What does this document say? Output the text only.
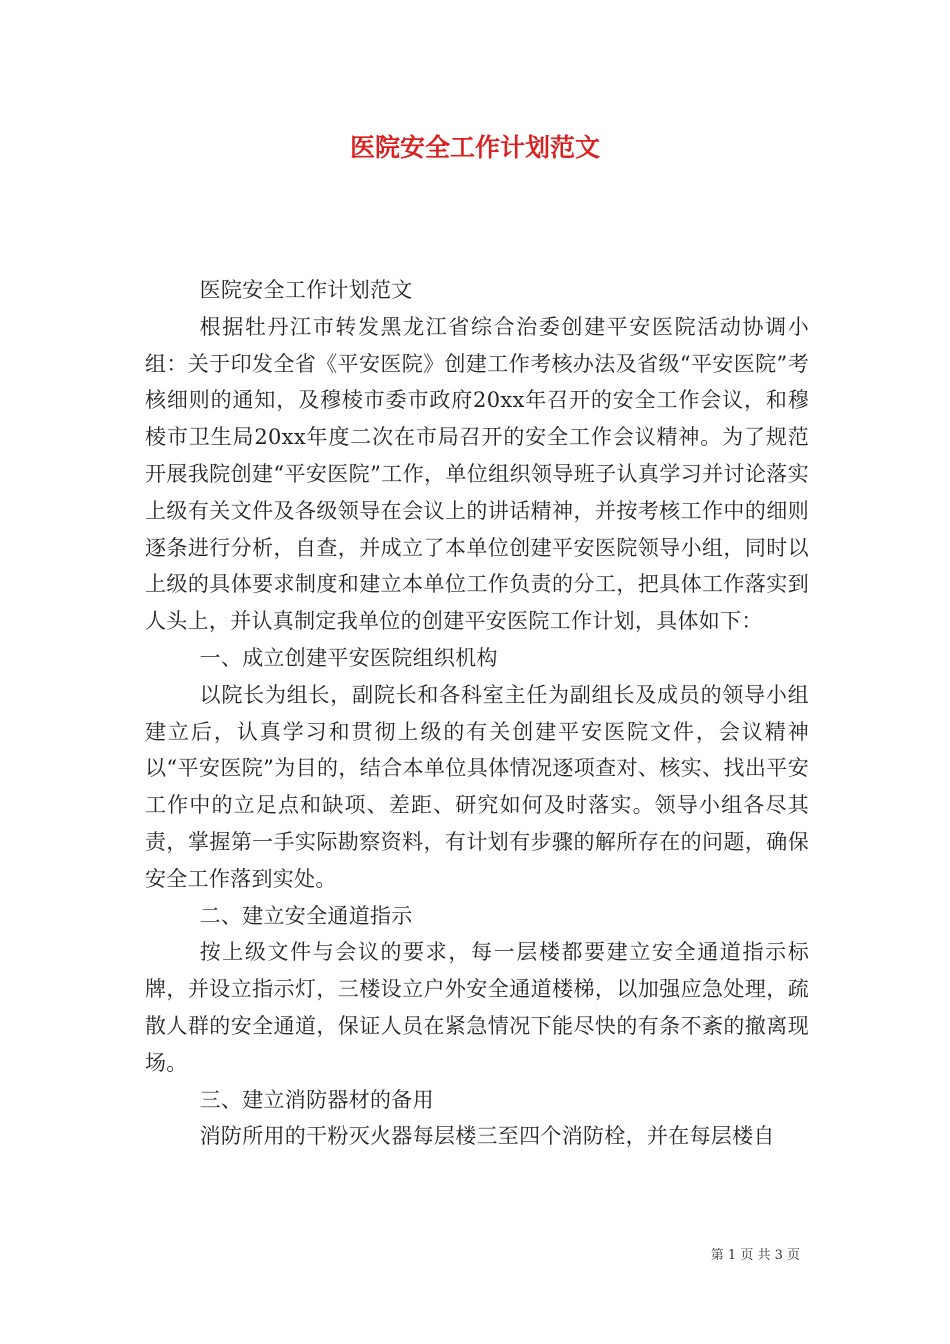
医院安全工作计划范文

医院安全工作计划范文

根据牡丹江市转发黑龙江省综合治委创建平安医院活动协调小组：关于印发全省《平安医院》创建工作考核办法及省级“平安医院”考核细则的通知，及穆棱市委市政府20xx年召开的安全工作会议，和穆棱市卫生局20xx年度二次在市局召开的安全工作会议精神。为了规范开展我院创建“平安医院”工作，单位组织领导班子认真学习并讨论落实上级有关文件及各级领导在会议上的讲话精神，并按考核工作中的细则逐条进行分析，自查，并成立了本单位创建平安医院领导小组，同时以上级的具体要求制度和建立本单位工作负责的分工，把具体工作落实到人头上，并认真制定我单位的创建平安医院工作计划，具体如下：

一、成立创建平安医院组织机构

以院长为组长，副院长和各科室主任为副组长及成员的领导小组建立后，认真学习和贯彻上级的有关创建平安医院文件，会议精神以“平安医院”为目的，结合本单位具体情况逐项查对、核实、找出平安工作中的立足点和缺项、差距、研究如何及时落实。领导小组各尽其责，掌握第一手实际勘察资料，有计划有步骤的解所存在的问题，确保安全工作落到实处。

二、建立安全通道指示

按上级文件与会议的要求，每一层楼都要建立安全通道指示标牌，并设立指示灯，三楼设立户外安全通道楼梯，以加强应急处理，疏散人群的安全通道，保证人员在紧急情况下能尽快的有条不紊的撤离现场。

三、建立消防器材的备用

消防所用的干粉灭火器每层楼三至四个消防栓，并在每层楼自

第 1 页 共 3 页
